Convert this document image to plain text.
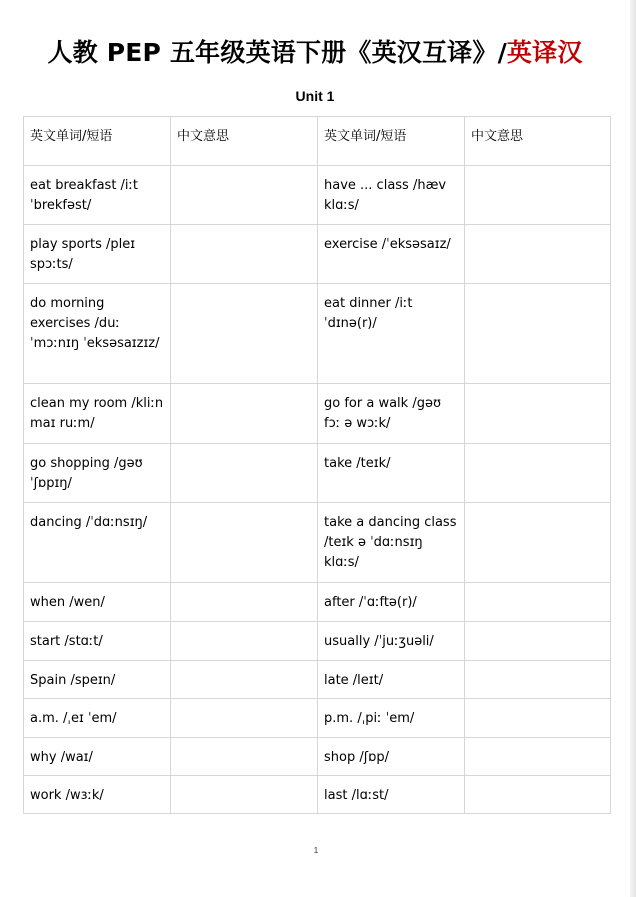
人教 PEP 五年级英语下册《英汉互译》/英译汉
Unit 1
英文单词/短语	中文意思	英文单词/短语	中文意思
eat breakfast /iːt ˈbrekfəst/		have ... class /hæv klɑːs/	
play sports /pleɪ spɔːts/		exercise /ˈeksəsaɪz/	
do morning exercises /duː ˈmɔːnɪŋ ˈeksəsaɪzɪz/		eat dinner /iːt ˈdɪnə(r)/	
clean my room /kliːn maɪ ruːm/		go for a walk /gəʊ fɔː ə wɔːk/	
go shopping /gəʊ ˈʃɒpɪŋ/		take /teɪk/	
dancing /ˈdɑːnsɪŋ/		take a dancing class /teɪk ə ˈdɑːnsɪŋ klɑːs/	
when /wen/		after /ˈɑːftə(r)/	
start /stɑːt/		usually /ˈjuːʒuəli/	
Spain /speɪn/		late /leɪt/	
a.m. /ˌeɪ ˈem/		p.m. /ˌpiː ˈem/	
why /waɪ/		shop /ʃɒp/	
work /wɜːk/		last /lɑːst/	
1
